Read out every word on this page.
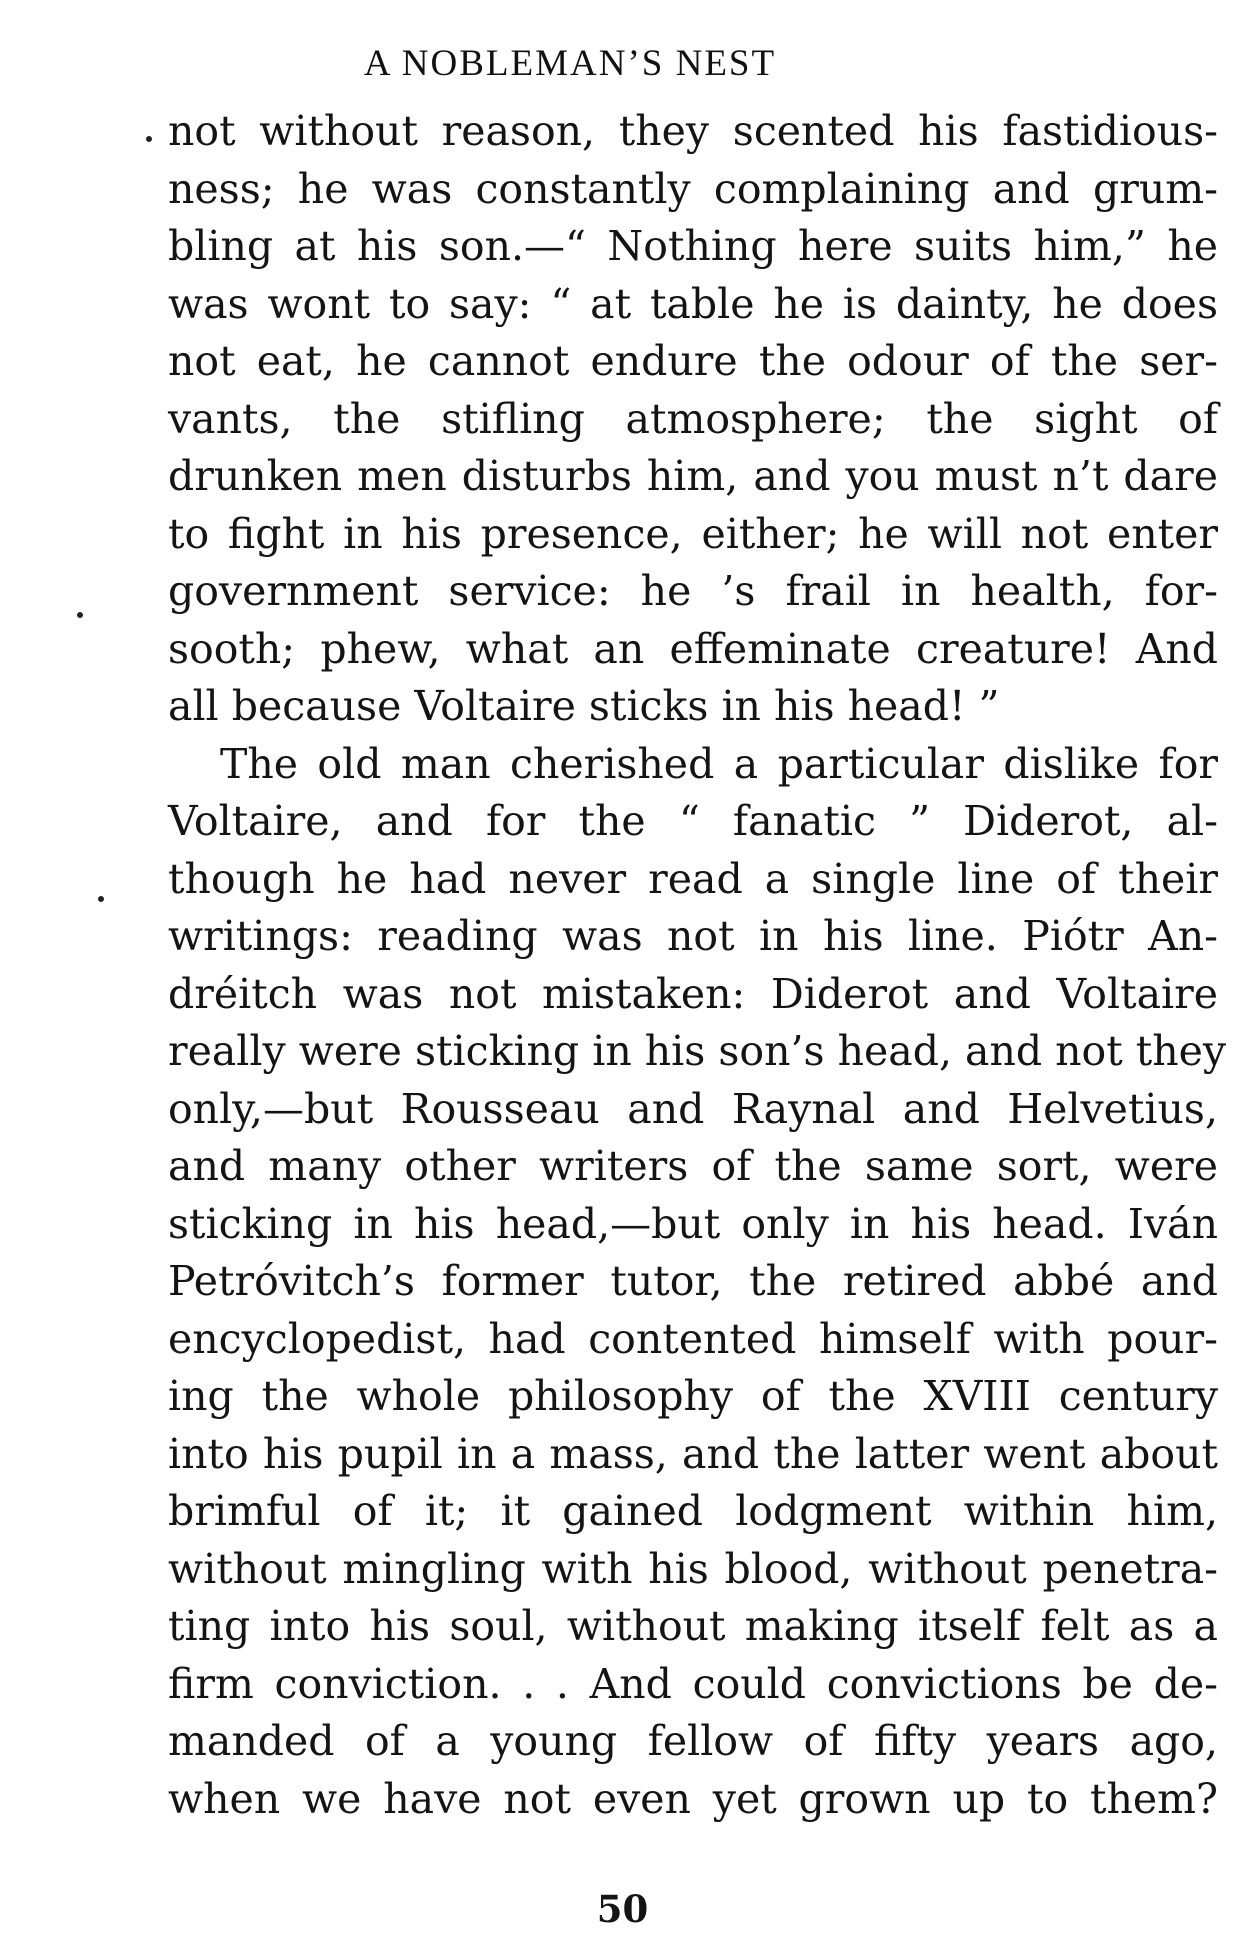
A NOBLEMAN’S NEST
not without reason, they scented his fastidious-
ness; he was constantly complaining and grum-
bling at his son.—“ Nothing here suits him,” he
was wont to say: “ at table he is dainty, he does
not eat, he cannot endure the odour of the ser-
vants, the stifling atmosphere; the sight of
drunken men disturbs him, and you must n’t dare
to fight in his presence, either; he will not enter
government service: he ’s frail in health, for-
sooth; phew, what an effeminate creature! And
all because Voltaire sticks in his head! ”
The old man cherished a particular dislike for
Voltaire, and for the “ fanatic ” Diderot, al-
though he had never read a single line of their
writings: reading was not in his line. Piótr An-
dréitch was not mistaken: Diderot and Voltaire
really were sticking in his son’s head, and not they
only,—but Rousseau and Raynal and Helvetius,
and many other writers of the same sort, were
sticking in his head,—but only in his head. Iván
Petróvitch’s former tutor, the retired abbé and
encyclopedist, had contented himself with pour-
ing the whole philosophy of the XVIII century
into his pupil in a mass, and the latter went about
brimful of it; it gained lodgment within him,
without mingling with his blood, without penetra-
ting into his soul, without making itself felt as a
firm conviction. . . And could convictions be de-
manded of a young fellow of fifty years ago,
when we have not even yet grown up to them?
50
